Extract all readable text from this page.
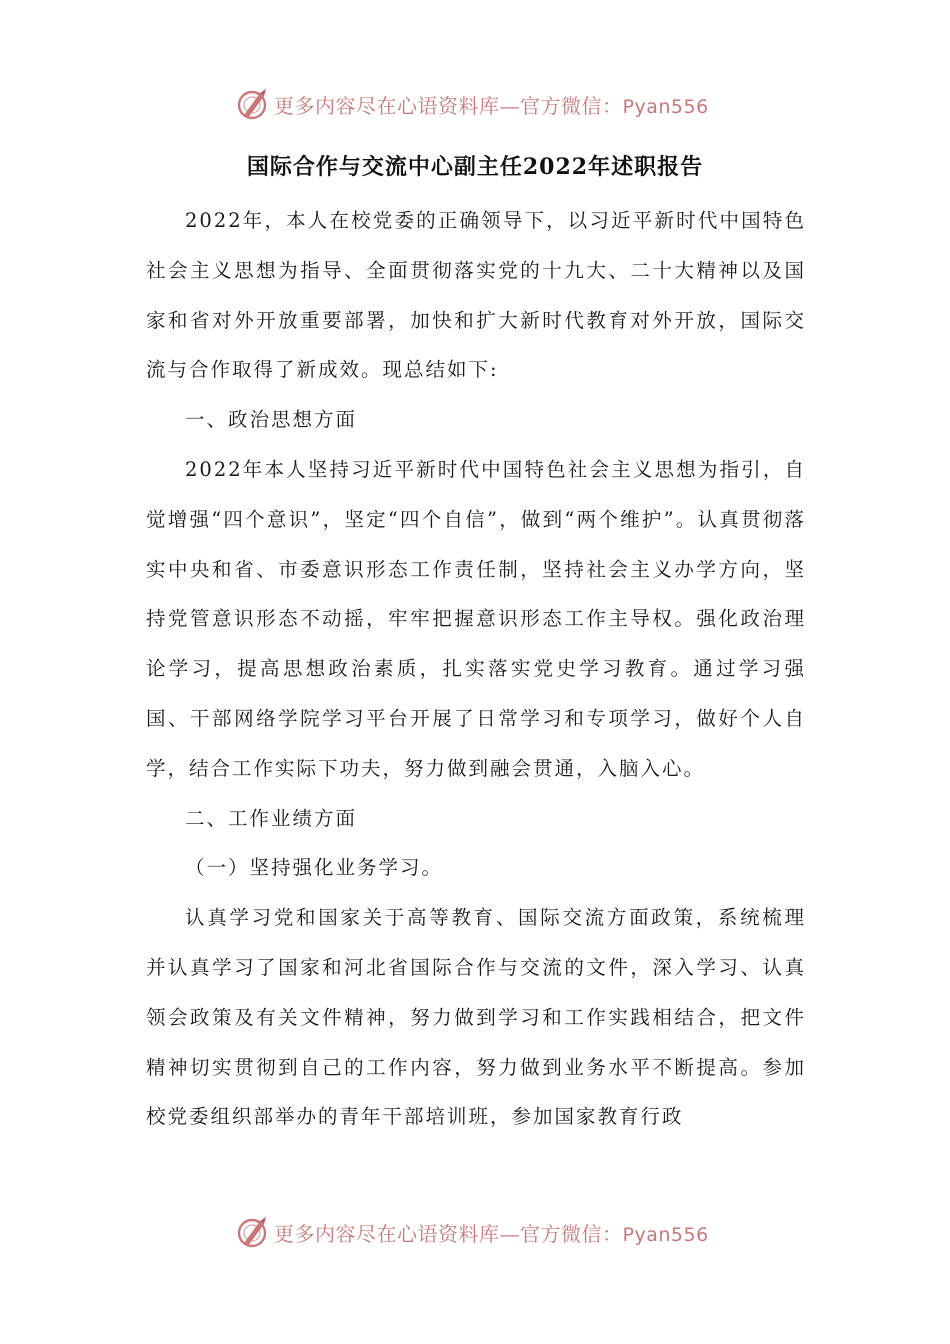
更多内容尽在心语资料库—官方微信：Pyan556
国际合作与交流中心副主任2022年述职报告

2022年，本人在校党委的正确领导下，以习近平新时代中国特色社会主义思想为指导、全面贯彻落实党的十九大、二十大精神以及国家和省对外开放重要部署，加快和扩大新时代教育对外开放，国际交流与合作取得了新成效。现总结如下:

一、政治思想方面

2022年本人坚持习近平新时代中国特色社会主义思想为指引，自觉增强“四个意识”，坚定“四个自信”，做到“两个维护”。认真贯彻落实中央和省、市委意识形态工作责任制，坚持社会主义办学方向，坚持党管意识形态不动摇，牢牢把握意识形态工作主导权。强化政治理论学习，提高思想政治素质，扎实落实党史学习教育。通过学习强国、干部网络学院学习平台开展了日常学习和专项学习，做好个人自学，结合工作实际下功夫，努力做到融会贯通，入脑入心。

二、工作业绩方面

（一）坚持强化业务学习。

认真学习党和国家关于高等教育、国际交流方面政策，系统梳理并认真学习了国家和河北省国际合作与交流的文件，深入学习、认真领会政策及有关文件精神，努力做到学习和工作实践相结合，把文件精神切实贯彻到自己的工作内容，努力做到业务水平不断提高。参加校党委组织部举办的青年干部培训班，参加国家教育行政

更多内容尽在心语资料库—官方微信：Pyan556
